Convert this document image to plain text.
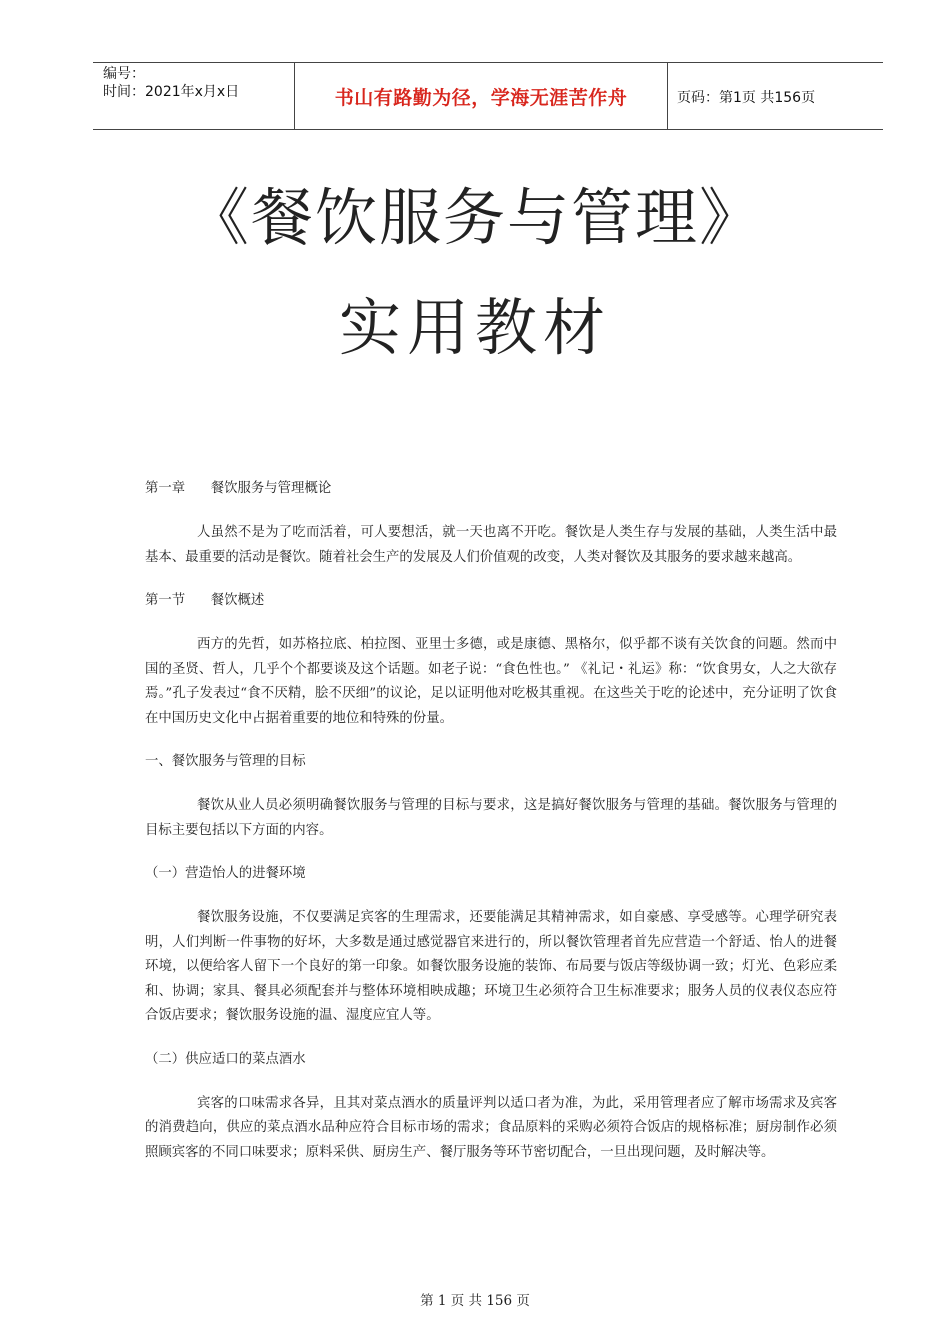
编号：
时间：2021年x月x日	书山有路勤为径，学海无涯苦作舟	页码：第1页 共156页
《餐饮服务与管理》
实用教材
第一章      餐饮服务与管理概论

人虽然不是为了吃而活着，可人要想活，就一天也离不开吃。餐饮是人类生存与发展的基础，人类生活中最基本、最重要的活动是餐饮。随着社会生产的发展及人们价值观的改变，人类对餐饮及其服务的要求越来越高。

第一节      餐饮概述

西方的先哲，如苏格拉底、柏拉图、亚里士多德，或是康德、黑格尔，似乎都不谈有关饮食的问题。然而中国的圣贤、哲人，几乎个个都要谈及这个话题。如老子说：“食色性也。” 《礼记・礼运》称：“饮食男女，人之大欲存焉。”孔子发表过“食不厌精，脍不厌细”的议论，足以证明他对吃极其重视。在这些关于吃的论述中，充分证明了饮食在中国历史文化中占据着重要的地位和特殊的份量。

一、餐饮服务与管理的目标

餐饮从业人员必须明确餐饮服务与管理的目标与要求，这是搞好餐饮服务与管理的基础。餐饮服务与管理的目标主要包括以下方面的内容。

（一）营造怡人的进餐环境

餐饮服务设施，不仅要满足宾客的生理需求，还要能满足其精神需求，如自豪感、享受感等。心理学研究表明，人们判断一件事物的好坏，大多数是通过感觉器官来进行的，所以餐饮管理者首先应营造一个舒适、怡人的进餐环境，以便给客人留下一个良好的第一印象。如餐饮服务设施的装饰、布局要与饭店等级协调一致；灯光、色彩应柔和、协调；家具、餐具必须配套并与整体环境相映成趣；环境卫生必须符合卫生标准要求；服务人员的仪表仪态应符合饭店要求；餐饮服务设施的温、湿度应宜人等。

（二）供应适口的菜点酒水

宾客的口味需求各异，且其对菜点酒水的质量评判以适口者为准，为此，采用管理者应了解市场需求及宾客的消费趋向，供应的菜点酒水品种应符合目标市场的需求；食品原料的采购必须符合饭店的规格标准；厨房制作必须照顾宾客的不同口味要求；原料采供、厨房生产、餐厅服务等环节密切配合，一旦出现问题，及时解决等。

第 1 页 共 156 页
